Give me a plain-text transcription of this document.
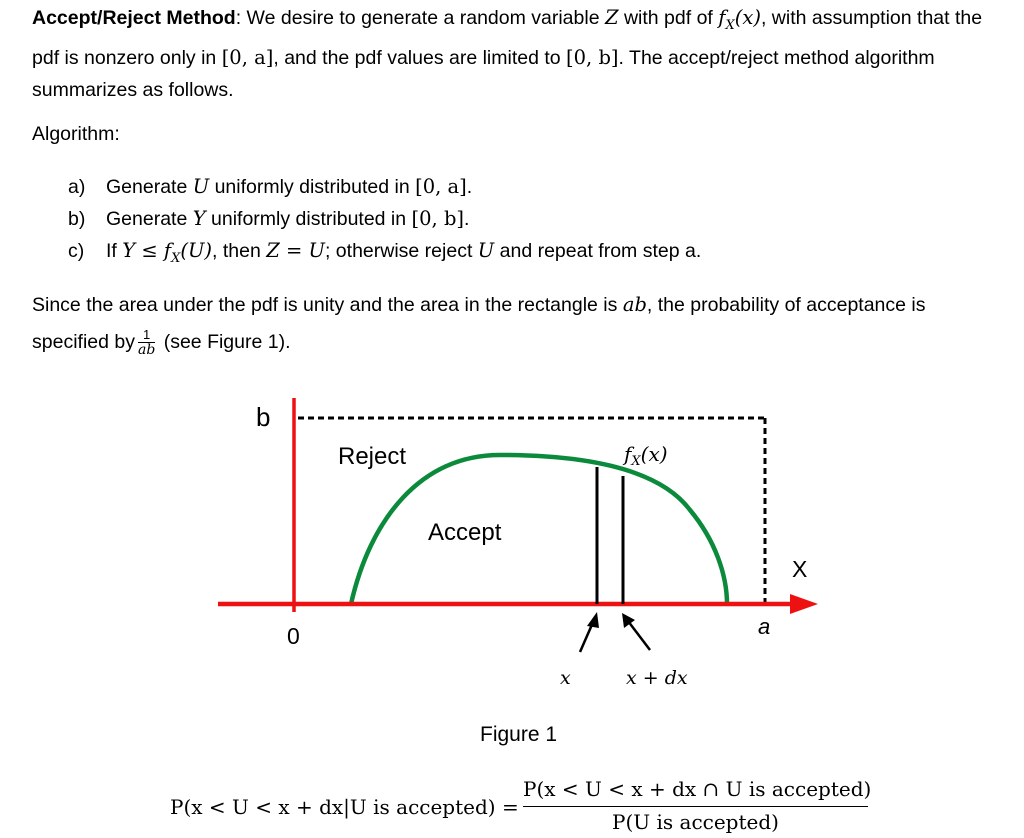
Accept/Reject Method: We desire to generate a random variable Z with pdf of $f_X(x)$, with assumption that the pdf is nonzero only in [0, a], and the pdf values are limited to [0, b]. The accept/reject method algorithm summarizes as follows.
Algorithm:
a) Generate U uniformly distributed in [0, a].
b) Generate Y uniformly distributed in [0, b].
c) If $Y \le f_X(U)$, then Z = U; otherwise reject U and repeat from step a.
Since the area under the pdf is unity and the area in the rectangle is ab, the probability of acceptance is
specified by $\frac{1}{ab} (see$ Figure 1).
b
Reject	$f_X(x)$
Accept
X
0	a
x	x + dx
Figure 1
P(x < U < x + dx|U is accepted) =
P(x < U < x + dx ∩ U is accepted)
P(U is accepted)
